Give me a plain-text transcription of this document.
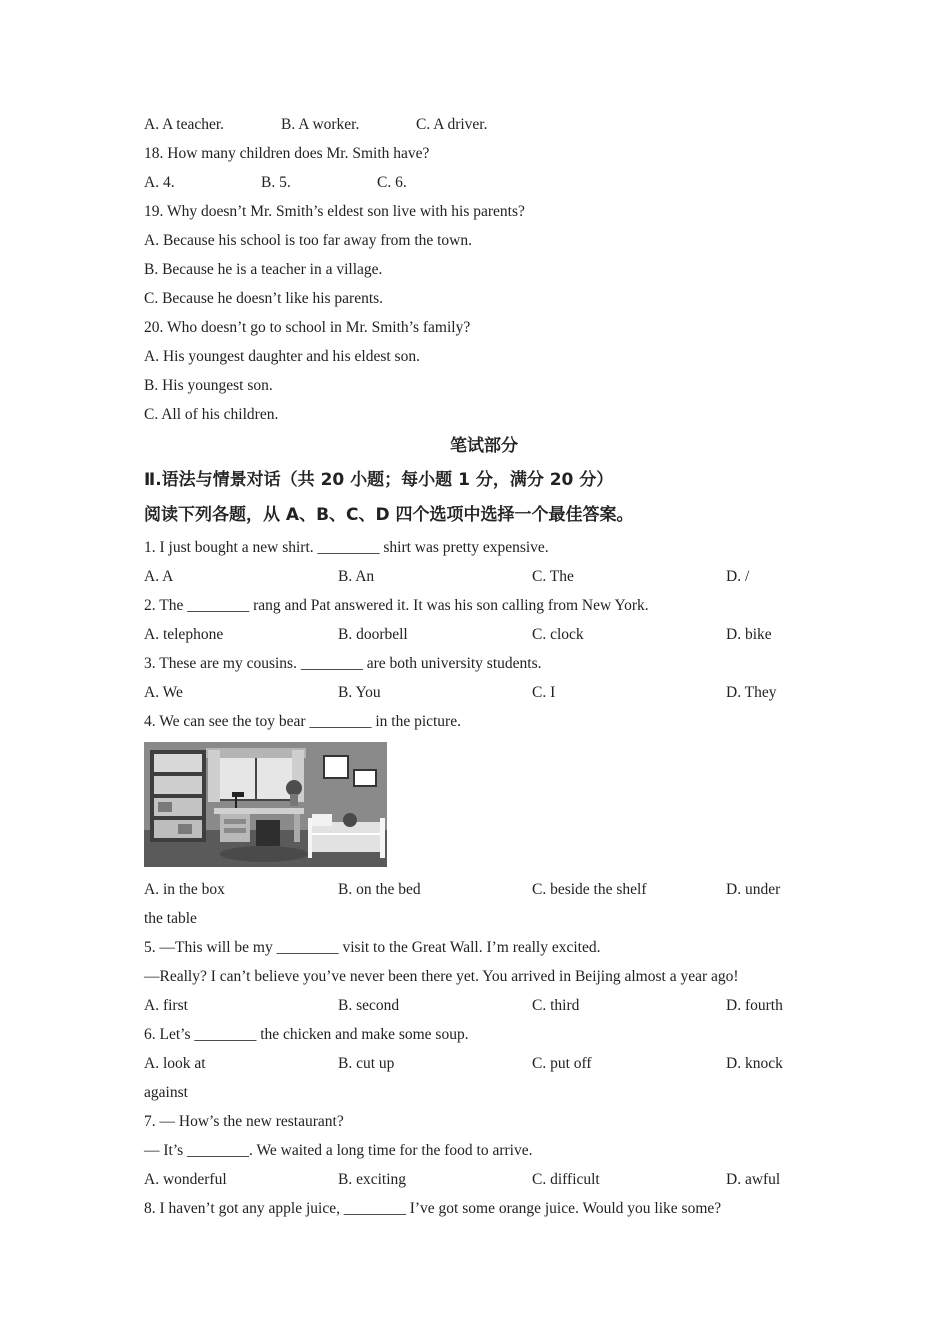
A. A teacher.	B. A worker.	C. A driver.
18. How many children does Mr. Smith have?
A. 4.	B. 5.	C. 6.
19. Why doesn’t Mr. Smith’s eldest son live with his parents?
A. Because his school is too far away from the town.
B. Because he is a teacher in a village.
C. Because he doesn’t like his parents.
20. Who doesn’t go to school in Mr. Smith’s family?
A. His youngest daughter and his eldest son.
B. His youngest son.
C. All of his children.
笔试部分
Ⅱ.语法与情景对话（共 20 小题；每小题 1 分，满分 20 分）
阅读下列各题，从 A、B、C、D 四个选项中选择一个最佳答案。
1. I just bought a new shirt. ________ shirt was pretty expensive.
A. A	B. An	C. The	D. /
2. The ________ rang and Pat answered it. It was his son calling from New York.
A. telephone	B. doorbell	C. clock	D. bike
3. These are my cousins. ________ are both university students.
A. We	B. You	C. I	D. They
4. We can see the toy bear ________ in the picture.
A. in the box	B. on the bed	C. beside the shelf	D. under
the table
5. —This will be my ________ visit to the Great Wall. I’m really excited.
—Really? I can’t believe you’ve never been there yet. You arrived in Beijing almost a year ago!
A. first	B. second	C. third	D. fourth
6. Let’s ________ the chicken and make some soup.
A. look at	B. cut up	C. put off	D. knock
against
7. — How’s the new restaurant?
— It’s ________. We waited a long time for the food to arrive.
A. wonderful	B. exciting	C. difficult	D. awful
8. I haven’t got any apple juice, ________ I’ve got some orange juice. Would you like some?
